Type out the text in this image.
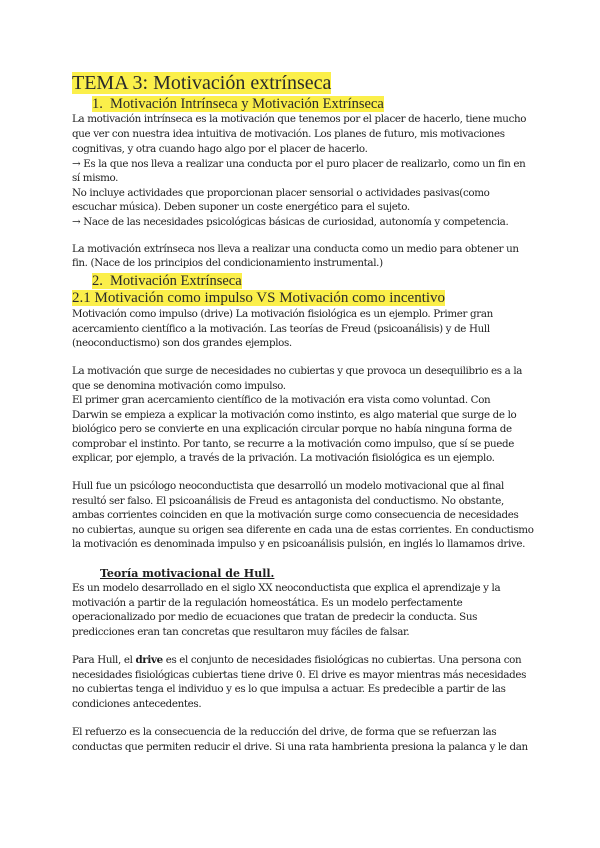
TEMA 3: Motivación extrínseca
1. Motivación Intrínseca y Motivación Extrínseca
La motivación intrínseca es la motivación que tenemos por el placer de hacerlo, tiene mucho
que ver con nuestra idea intuitiva de motivación. Los planes de futuro, mis motivaciones
cognitivas, y otra cuando hago algo por el placer de hacerlo.
→ Es la que nos lleva a realizar una conducta por el puro placer de realizarlo, como un fin en
sí mismo.
No incluye actividades que proporcionan placer sensorial o actividades pasivas(como
escuchar música). Deben suponer un coste energético para el sujeto.
→ Nace de las necesidades psicológicas básicas de curiosidad, autonomía y competencia.
La motivación extrínseca nos lleva a realizar una conducta como un medio para obtener un
fin. (Nace de los principios del condicionamiento instrumental.)
2. Motivación Extrínseca
2.1 Motivación como impulso VS Motivación como incentivo
Motivación como impulso (drive) La motivación fisiológica es un ejemplo. Primer gran
acercamiento científico a la motivación. Las teorías de Freud (psicoanálisis) y de Hull
(neoconductismo) son dos grandes ejemplos.
La motivación que surge de necesidades no cubiertas y que provoca un desequilibrio es a la
que se denomina motivación como impulso.
El primer gran acercamiento científico de la motivación era vista como voluntad. Con
Darwin se empieza a explicar la motivación como instinto, es algo material que surge de lo
biológico pero se convierte en una explicación circular porque no había ninguna forma de
comprobar el instinto. Por tanto, se recurre a la motivación como impulso, que sí se puede
explicar, por ejemplo, a través de la privación. La motivación fisiológica es un ejemplo.
Hull fue un psicólogo neoconductista que desarrolló un modelo motivacional que al final
resultó ser falso. El psicoanálisis de Freud es antagonista del conductismo. No obstante,
ambas corrientes coinciden en que la motivación surge como consecuencia de necesidades
no cubiertas, aunque su origen sea diferente en cada una de estas corrientes. En conductismo
la motivación es denominada impulso y en psicoanálisis pulsión, en inglés lo llamamos drive.
Teoría motivacional de Hull.
Es un modelo desarrollado en el siglo XX neoconductista que explica el aprendizaje y la
motivación a partir de la regulación homeostática. Es un modelo perfectamente
operacionalizado por medio de ecuaciones que tratan de predecir la conducta. Sus
predicciones eran tan concretas que resultaron muy fáciles de falsar.
Para Hull, el drive es el conjunto de necesidades fisiológicas no cubiertas. Una persona con
necesidades fisiológicas cubiertas tiene drive 0. El drive es mayor mientras más necesidades
no cubiertas tenga el individuo y es lo que impulsa a actuar. Es predecible a partir de las
condiciones antecedentes.
El refuerzo es la consecuencia de la reducción del drive, de forma que se refuerzan las
conductas que permiten reducir el drive. Si una rata hambrienta presiona la palanca y le dan
